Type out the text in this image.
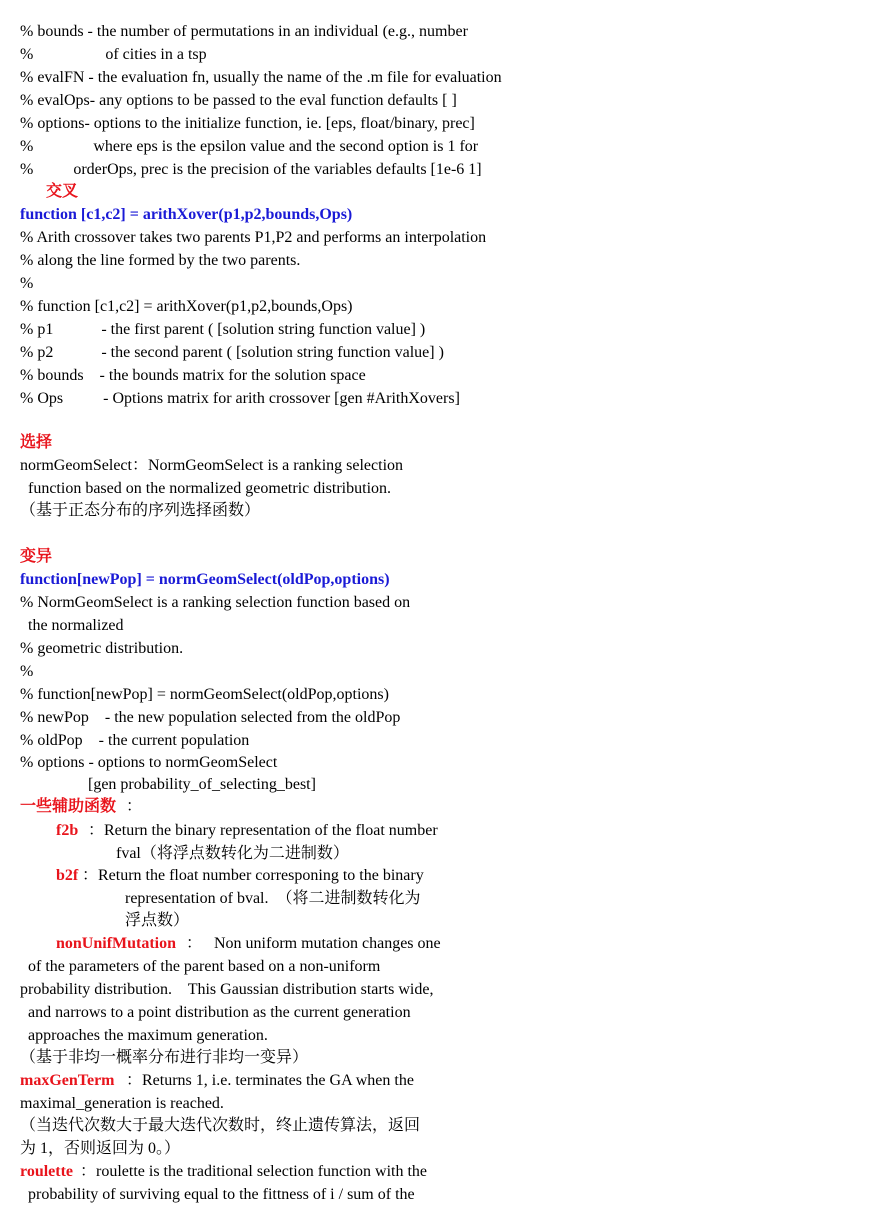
% bounds - the number of permutations in an individual (e.g., number
%                  of cities in a tsp
% evalFN - the evaluation fn, usually the name of the .m file for evaluation
% evalOps- any options to be passed to the eval function defaults [ ]
% options- options to the initialize function, ie. [eps, float/binary, prec]
%               where eps is the epsilon value and the second option is 1 for
%          orderOps, prec is the precision of the variables defaults [1e-6 1]
交叉
function [c1,c2] = arithXover(p1,p2,bounds,Ops)
% Arith crossover takes two parents P1,P2 and performs an interpolation
% along the line formed by the two parents.
%
% function [c1,c2] = arithXover(p1,p2,bounds,Ops)
% p1            - the first parent ( [solution string function value] )
% p2            - the second parent ( [solution string function value] )
% bounds    - the bounds matrix for the solution space
% Ops          - Options matrix for arith crossover [gen #ArithXovers]
选择
normGeomSelect：NormGeomSelect is a ranking selection
function based on the normalized geometric distribution.
（基于正态分布的序列选择函数）
变异
function[newPop] = normGeomSelect(oldPop,options)
% NormGeomSelect is a ranking selection function based on
the normalized
% geometric distribution.
%
% function[newPop] = normGeomSelect(oldPop,options)
% newPop    - the new population selected from the oldPop
% oldPop    - the current population
% options - options to normGeomSelect
[gen probability_of_selecting_best]
一些辅助函数
f2b ：Return the binary representation of the float number
fval（将浮点数转化为二进制数）
b2f ：Return the float number corresponing to the binary
representation of bval.  （将二进制数转化为
浮点数）
nonUnifMutation ：   Non uniform mutation changes one
of the parameters of the parent based on a non-uniform
probability distribution.    This Gaussian distribution starts wide,
and narrows to a point distribution as the current generation
approaches the maximum generation.
（基于非均一概率分布进行非均一变异）
maxGenTerm ：Returns 1, i.e. terminates the GA when the
maximal_generation is reached.
（当迭代次数大于最大迭代次数时，终止遗传算法，返回
为 1，否则返回为 0。）
roulette ：roulette is the traditional selection function with the
probability of surviving equal to the fittness of i / sum of the
：
